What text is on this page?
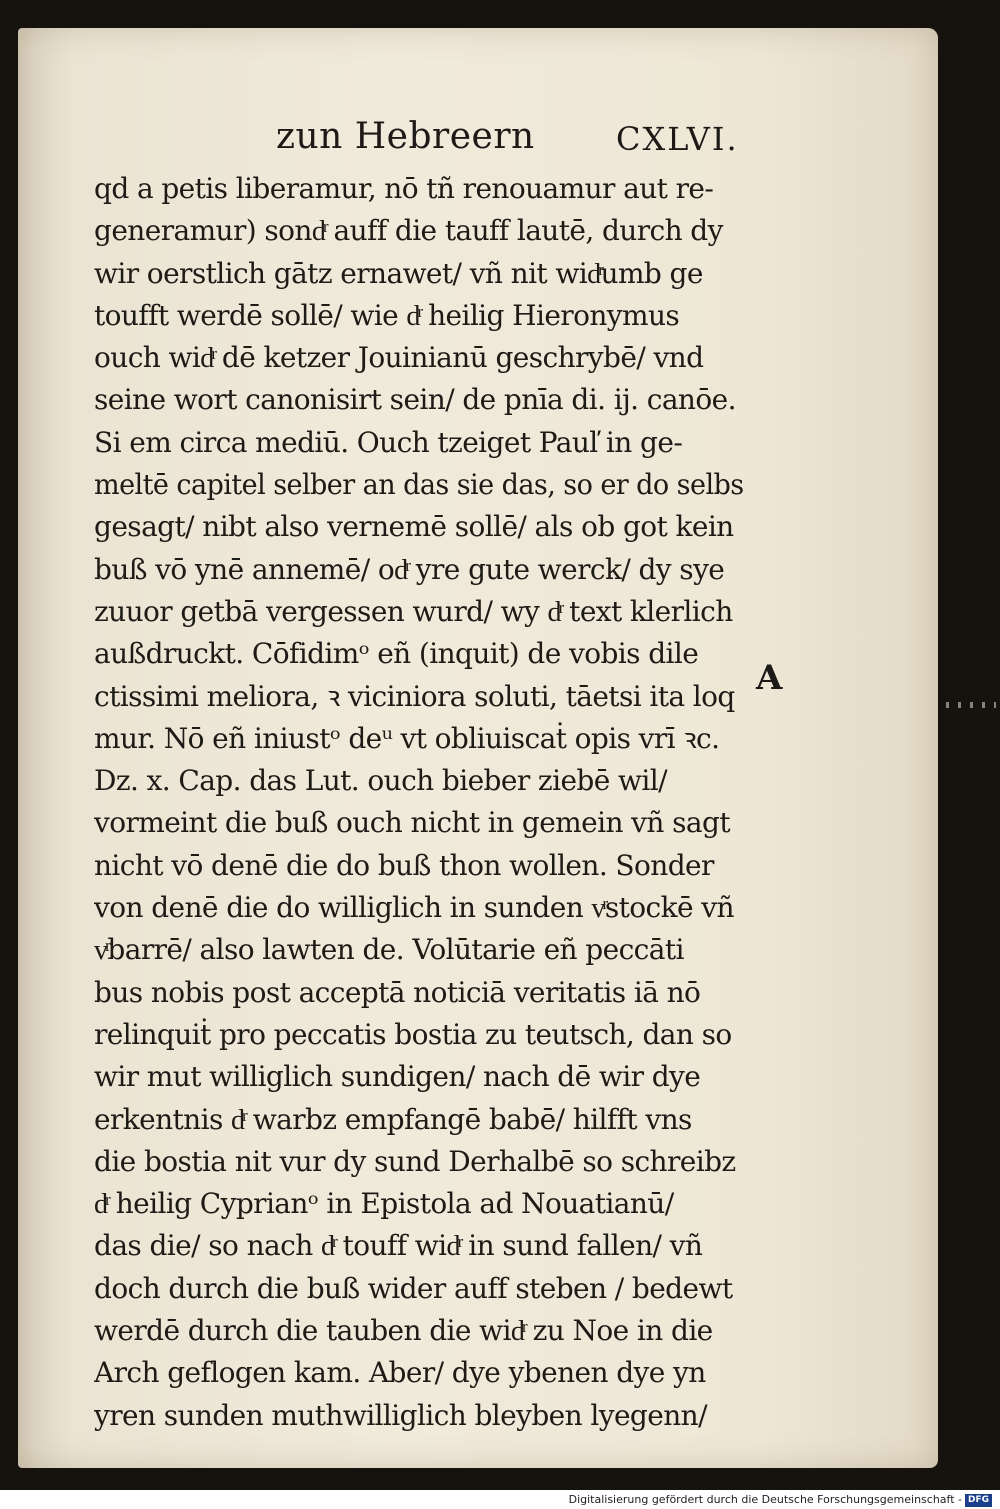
zun Hebreern	CXLVI.
qd a petis liberamur, nō tñ renouamur aut re-
generamur) sondͬ auff die tauff lautē, durch dy
wir oerstlich gātz ernawet/ vñ nit widͬumb ge
toufft werdē sollē/ wie dͬ heilig Hieronymus
ouch widͬ dē ketzer Jouinianū geschrybē/ vnd
seine wort canonisirt sein/ de pnīa di. ij. canōe.
Si em circa mediū. Ouch tzeiget Pauľ in ge-
meltē capitel selber an das sie das, so er do selbs
gesagt/ nibt also vernemē sollē/ als ob got kein
buß vō ynē annemē/ odͬ yre gute werck/ dy sye
zuuor getbā vergessen wurd/ wy dͬ text klerlich
außdruckt. Cōfidimᵒ eñ (inquit) de vobis dile
ctissimi meliora, ꝛ viciniora soluti, tāetsi ita loq
mur. Nō eñ iniustᵒ deᵘ vt obliuiscaṫ opis vrī ꝛc.
Dz. x. Cap. das Lut. ouch bieber ziebē wil/
vormeint die buß ouch nicht in gemein vñ sagt
nicht vō denē die do buß thon wollen. Sonder
von denē die do williglich in sunden vͬstockē vñ
vͬbarrē/ also lawten de. Volūtarie eñ peccāti
bus nobis post acceptā noticiā veritatis iā nō
relinquiṫ pro peccatis bostia zu teutsch, dan so
wir mut williglich sundigen/ nach dē wir dye
erkentnis dͬ warbz empfangē babē/ hilfft vns
die bostia nit vur dy sund Derhalbē so schreibz
dͬ heilig Cyprianᵒ in Epistola ad Nouatianū/
das die/ so nach dͬ touff widͬ in sund fallen/ vñ
doch durch die buß wider auff steben / bedewt
werdē durch die tauben die widͬ zu Noe in die
Arch geflogen kam. Aber/ dye ybenen dye yn
yren sunden muthwilliglich bleyben lyegenn/
A
Digitalisierung gefördert durch die Deutsche Forschungsgemeinschaft - DFG
